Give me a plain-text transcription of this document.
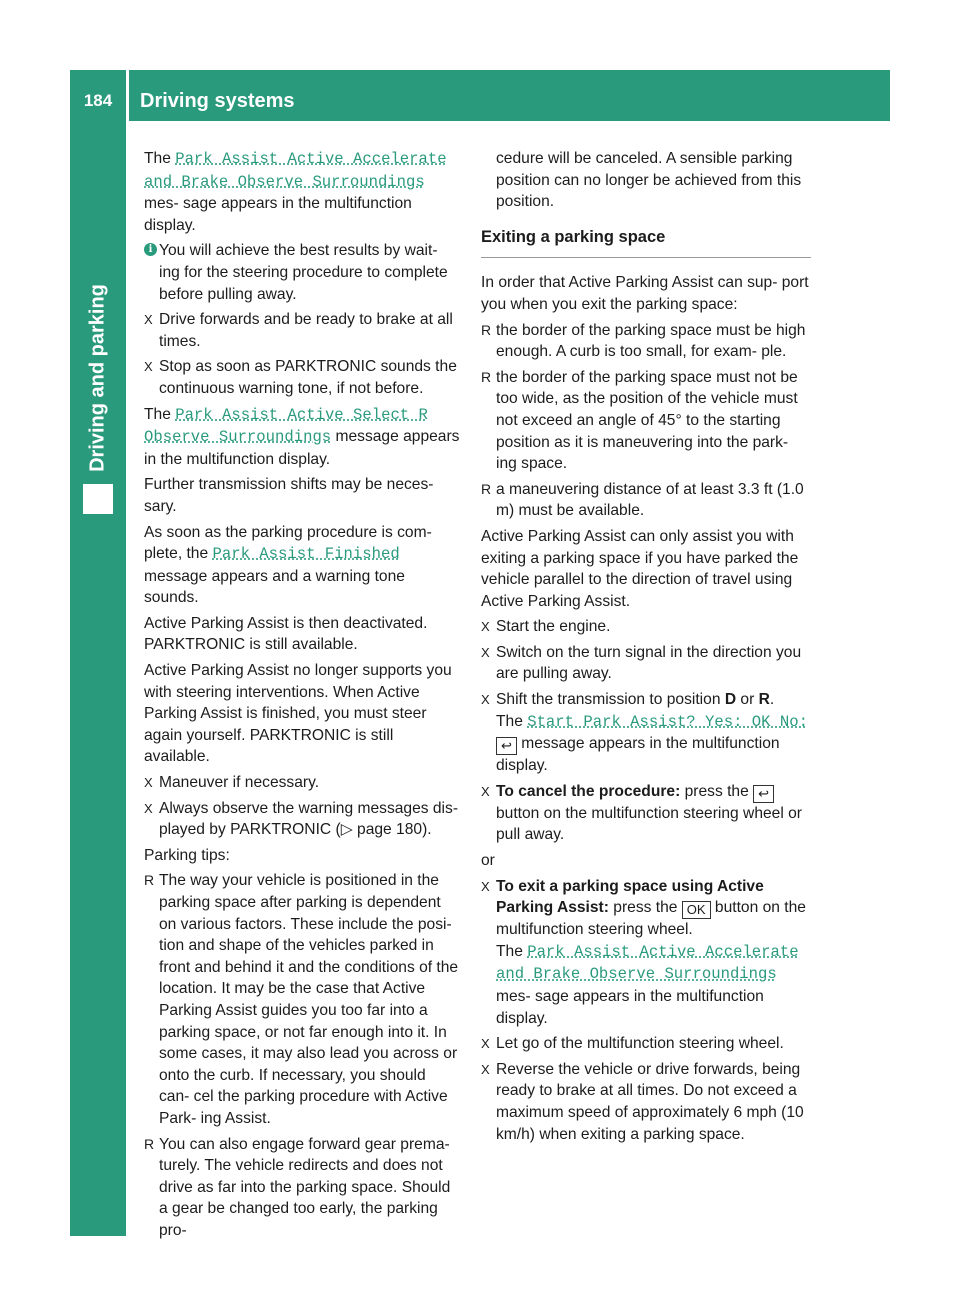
184	Driving systems
Driving and parking

The Park Assist Active Accelerate and Brake Observe Surroundings mes- sage appears in the multifunction display.

i You will achieve the best results by wait- ing for the steering procedure to complete before pulling away.
X Drive forwards and be ready to brake at all times.
X Stop as soon as PARKTRONIC sounds the continuous warning tone, if not before.

The Park Assist Active Select R Observe Surroundings message appears in the multifunction display.

Further transmission shifts may be neces- sary.

As soon as the parking procedure is com- plete, the Park Assist Finished message appears and a warning tone sounds.

Active Parking Assist is then deactivated. PARKTRONIC is still available.

Active Parking Assist no longer supports you with steering interventions. When Active Parking Assist is finished, you must steer again yourself. PARKTRONIC is still available.

X Maneuver if necessary.
X Always observe the warning messages dis- played by PARKTRONIC (▷ page 180).

Parking tips:

R The way your vehicle is positioned in the parking space after parking is dependent on various factors. These include the posi- tion and shape of the vehicles parked in front and behind it and the conditions of the location. It may be the case that Active Parking Assist guides you too far into a parking space, or not far enough into it. In some cases, it may also lead you across or onto the curb. If necessary, you should can- cel the parking procedure with Active Park- ing Assist.
R You can also engage forward gear prema- turely. The vehicle redirects and does not drive as far into the parking space. Should a gear be changed too early, the parking pro-

cedure will be canceled. A sensible parking position can no longer be achieved from this position.

Exiting a parking space

In order that Active Parking Assist can sup- port you when you exit the parking space:

R the border of the parking space must be high enough. A curb is too small, for exam- ple.
R the border of the parking space must not be too wide, as the position of the vehicle must not exceed an angle of 45° to the starting position as it is maneuvering into the park- ing space.
R a maneuvering distance of at least 3.3 ft (1.0 m) must be available.

Active Parking Assist can only assist you with exiting a parking space if you have parked the vehicle parallel to the direction of travel using Active Parking Assist.

X Start the engine.
X Switch on the turn signal in the direction you are pulling away.
X Shift the transmission to position D or R.
The Start Park Assist? Yes: OK No:
↩ message appears in the multifunction display.
X To cancel the procedure: press the ↩ button on the multifunction steering wheel or pull away.

or

X To exit a parking space using Active Parking Assist: press the OK button on the multifunction steering wheel.
The Park Assist Active Accelerate and Brake Observe Surroundings mes- sage appears in the multifunction display.
X Let go of the multifunction steering wheel.
X Reverse the vehicle or drive forwards, being ready to brake at all times. Do not exceed a maximum speed of approximately 6 mph (10 km/h) when exiting a parking space.
